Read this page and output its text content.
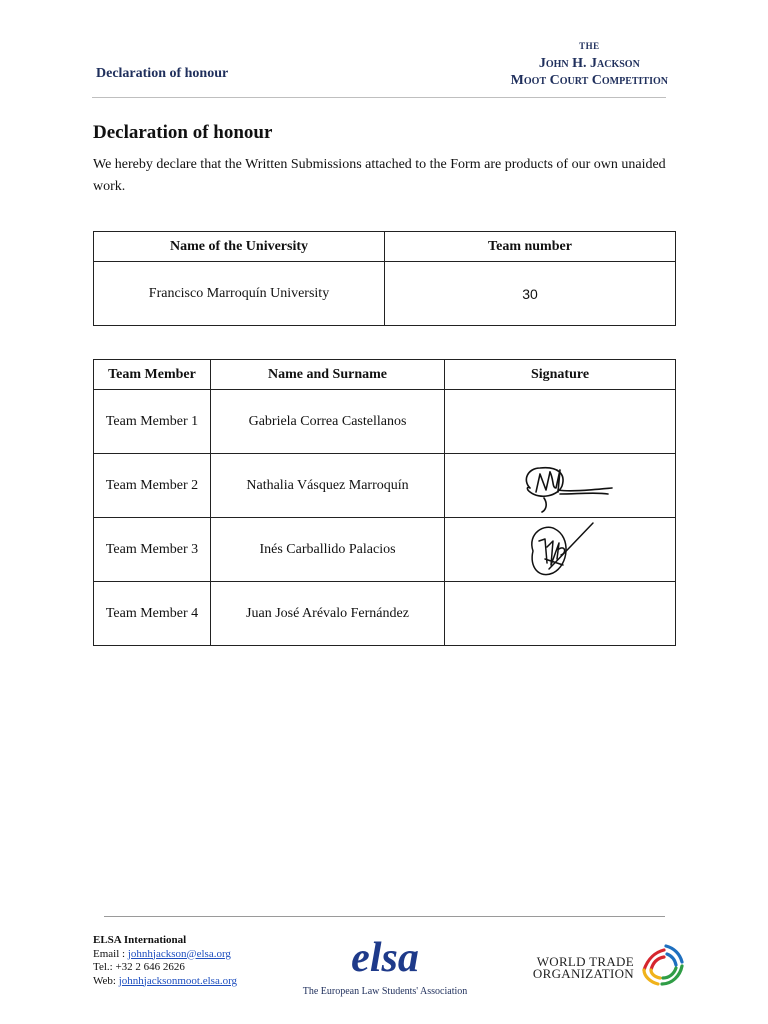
Declaration of honour
THE
John H. Jackson
Moot Court Competition
Declaration of honour
We hereby declare that the Written Submissions attached to the Form are products of our own unaided work.
Name of the University	Team number
Francisco Marroquín University	30
Team Member	Name and Surname	Signature
Team Member 1	Gabriela Correa Castellanos	
Team Member 2	Nathalia Vásquez Marroquín	

Team Member 3	Inés Carballido Palacios	

Team Member 4	Juan José Arévalo Fernández	
ELSA International
Email : johnhjackson@elsa.org
Tel.: +32 2 646 2626
Web: johnhjacksonmoot.elsa.org	elsa
The European Law Students' Association
WORLD TRADE
ORGANIZATION
